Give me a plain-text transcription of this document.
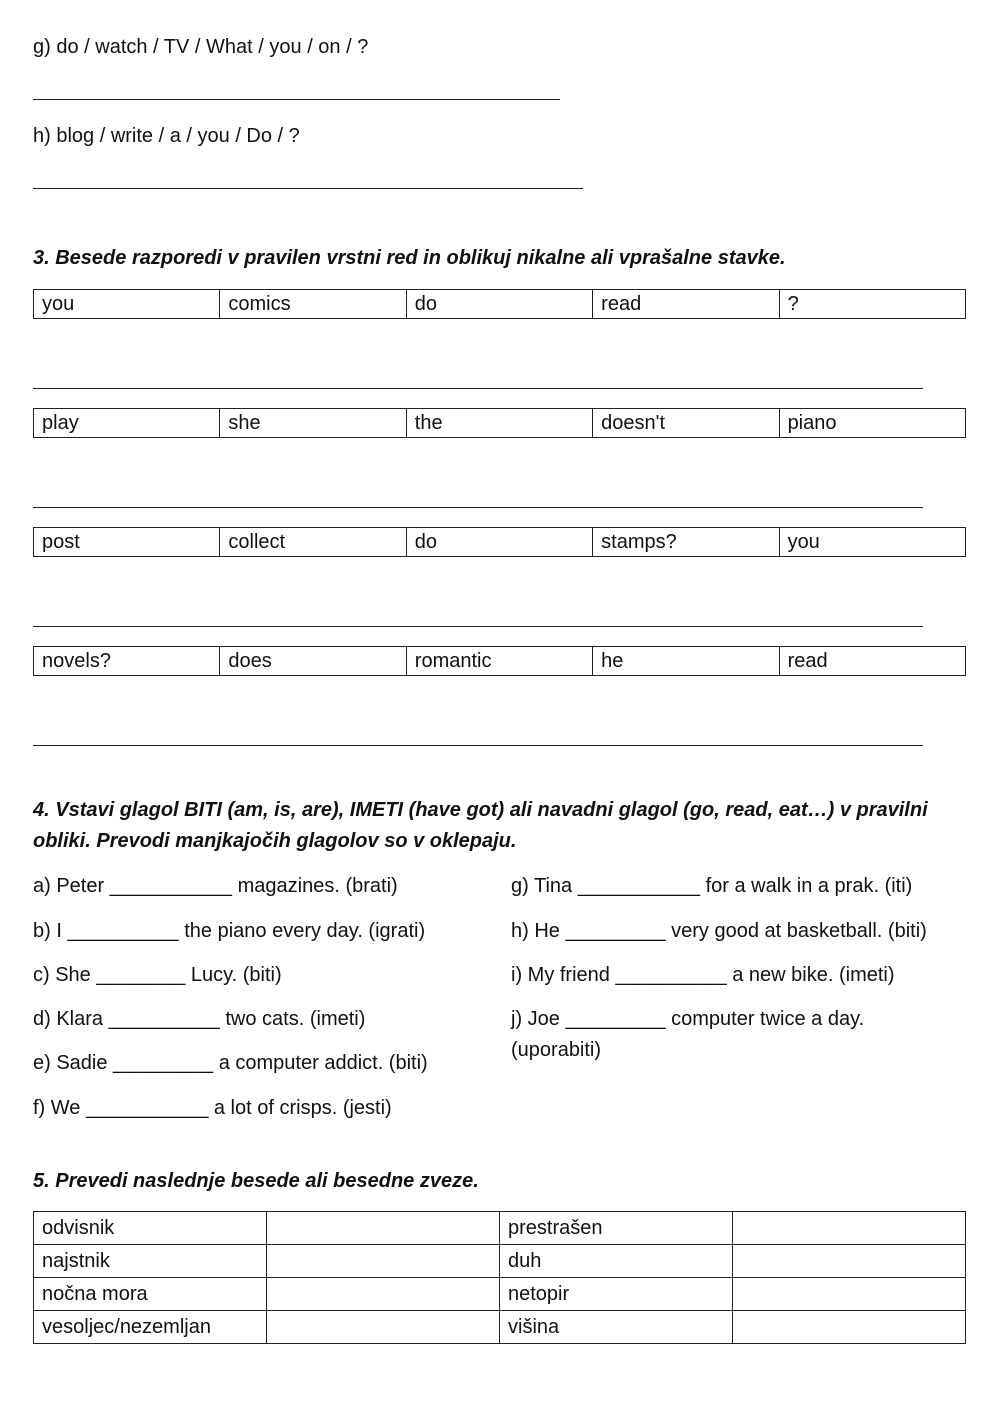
g) do / watch / TV / What / you / on / ?
h) blog / write / a / you / Do / ?
3. Besede razporedi v pravilen vrstni red in oblikuj nikalne ali vprašalne stavke.
you	comics	do	read	?
play	she	the	doesn't	piano
post	collect	do	stamps?	you
novels?	does	romantic	he	read
4. Vstavi glagol BITI (am, is, are), IMETI (have got) ali navadni glagol (go, read, eat…) v pravilni
obliki. Prevodi manjkajočih glagolov so v oklepaju.
a) Peter ___________ magazines. (brati)
b) I __________ the piano every day. (igrati)
c) She ________ Lucy. (biti)
d) Klara __________ two cats. (imeti)
e) Sadie _________ a computer addict. (biti)
f) We ___________ a lot of crisps. (jesti)
g) Tina ___________ for a walk in a prak. (iti)
h) He _________ very good at basketball. (biti)
i) My friend __________ a new bike. (imeti)
j) Joe _________ computer twice a day.
(uporabiti)
5. Prevedi naslednje besede ali besedne zveze.
odvisnik		prestrašen	
najstnik		duh	
nočna mora		netopir	
vesoljec/nezemljan		višina	
